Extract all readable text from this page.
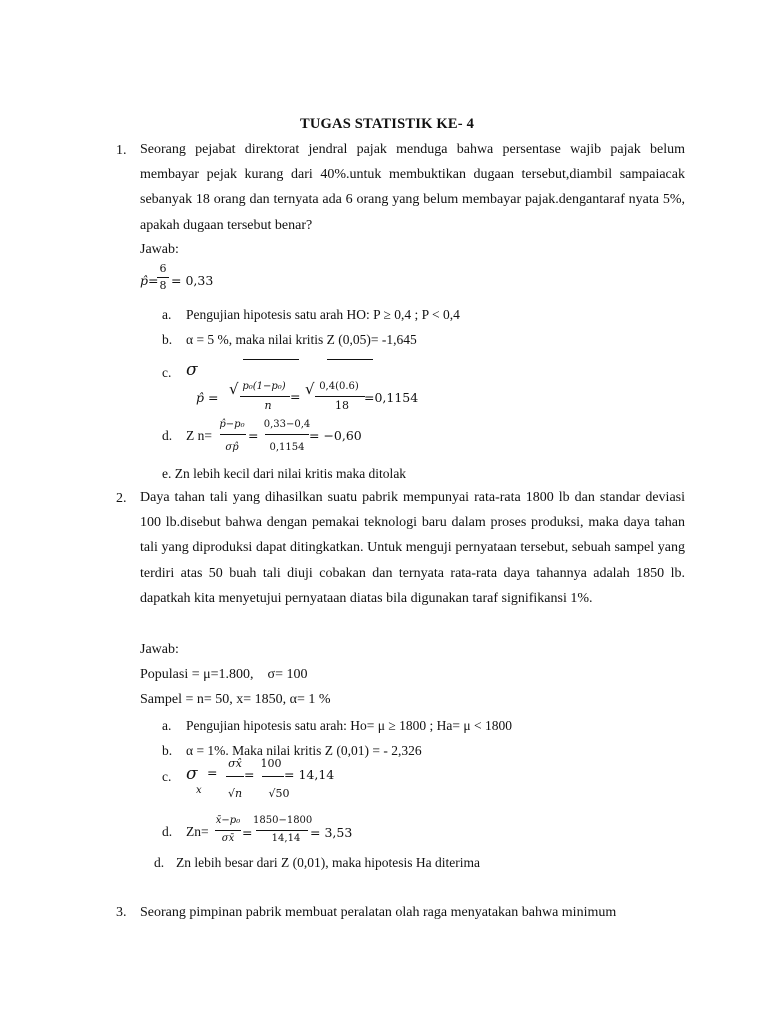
TUGAS STATISTIK KE- 4
1. Seorang pejabat direktorat jendral pajak menduga bahwa persentase wajib pajak belum membayar pejak kurang dari 40%.untuk membuktikan dugaan tersebut,diambil sampaiacak sebanyak 18 orang dan ternyata ada 6 orang yang belum membayar pajak.dengantaraf nyata 5%, apakah dugaan tersebut benar?
Jawab:
p̂=
6
8 = 0,33
a. Pengujian hipotesis satu arah HO: P ≥ 0,4 ; P < 0,4
b. α = 5 %, maka nilai kritis Z (0,05)= -1,645
c. σ
p̂ = √ p₀(1−p₀)
n
= √ 0,4(0.6)
18
=0,1154
d. Z n=
p̂−p₀
σp̂
=
0,33−0,4
0,1154
= −0,60
e. Zn lebih kecil dari nilai kritis maka ditolak
2. Daya tahan tali yang dihasilkan suatu pabrik mempunyai rata-rata 1800 lb dan standar deviasi 100 lb.disebut bahwa dengan pemakai teknologi baru dalam proses produksi, maka daya tahan tali yang diproduksi dapat ditingkatkan. Untuk menguji pernyataan tersebut, sebuah sampel yang terdiri atas 50 buah tali diuji cobakan dan ternyata rata-rata daya tahannya adalah 1850 lb. dapatkah kita menyetujui pernyataan diatas bila digunakan taraf signifikansi 1%.
Jawab:
Populasi = μ=1.800,    σ= 100
Sampel = n= 50, x= 1850, α= 1 %
a. Pengujian hipotesis satu arah: Ho= μ ≥ 1800 ; Ha= μ < 1800
b. α = 1%. Maka nilai kritis Z (0,01) = - 2,326
c. σ
x
=
σx̂
√n
=
100
√50
= 14,14
d. Zn=
x̄−p₀
σx̄ =
1850−1800
14,14 = 3,53
d. Zn lebih besar dari Z (0,01), maka hipotesis Ha diterima
3. Seorang pimpinan pabrik membuat peralatan olah raga menyatakan bahwa minimum
